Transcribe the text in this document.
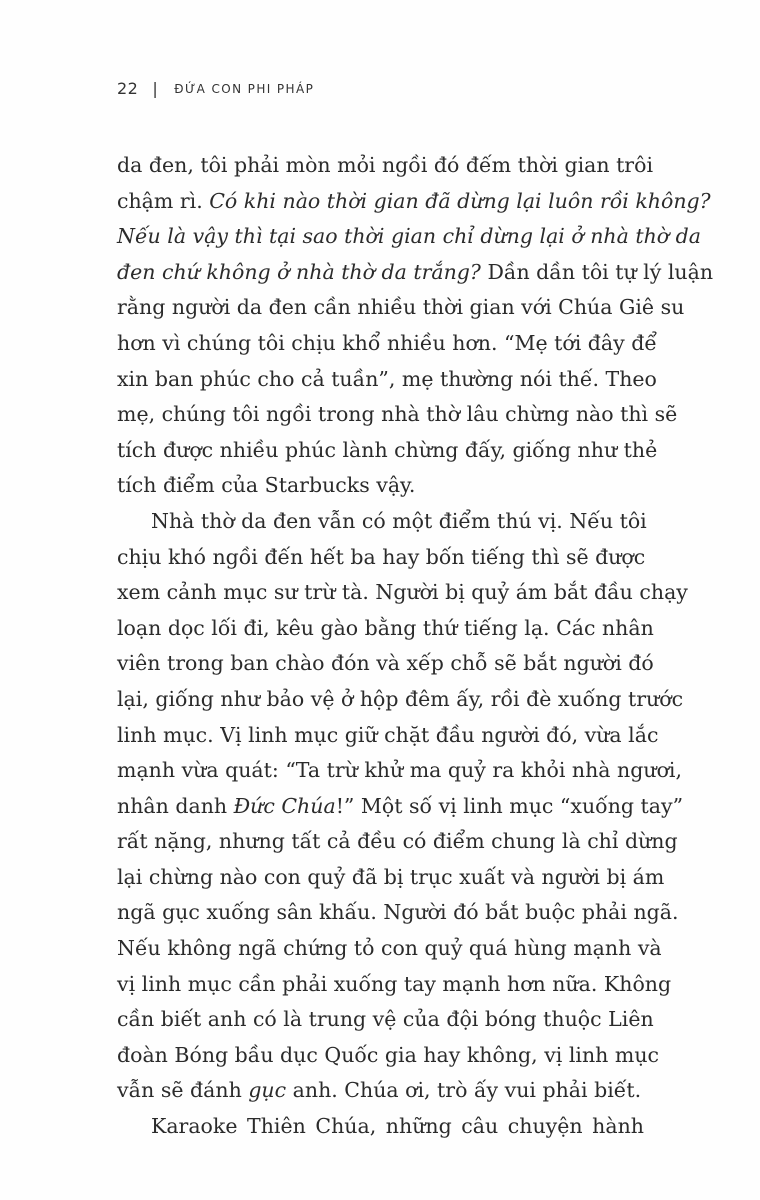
22 | ĐỨA CON PHI PHÁP
da đen, tôi phải mòn mỏi ngồi đó đếm thời gian trôi
chậm rì. Có khi nào thời gian đã dừng lại luôn rồi không?
Nếu là vậy thì tại sao thời gian chỉ dừng lại ở nhà thờ da
đen chứ không ở nhà thờ da trắng? Dần dần tôi tự lý luận
rằng người da đen cần nhiều thời gian với Chúa Giê su
hơn vì chúng tôi chịu khổ nhiều hơn. “Mẹ tới đây để
xin ban phúc cho cả tuần”, mẹ thường nói thế. Theo
mẹ, chúng tôi ngồi trong nhà thờ lâu chừng nào thì sẽ
tích được nhiều phúc lành chừng đấy, giống như thẻ
tích điểm của Starbucks vậy.
Nhà thờ da đen vẫn có một điểm thú vị. Nếu tôi
chịu khó ngồi đến hết ba hay bốn tiếng thì sẽ được
xem cảnh mục sư trừ tà. Người bị quỷ ám bắt đầu chạy
loạn dọc lối đi, kêu gào bằng thứ tiếng lạ. Các nhân
viên trong ban chào đón và xếp chỗ sẽ bắt người đó
lại, giống như bảo vệ ở hộp đêm ấy, rồi đè xuống trước
linh mục. Vị linh mục giữ chặt đầu người đó, vừa lắc
mạnh vừa quát: “Ta trừ khử ma quỷ ra khỏi nhà ngươi,
nhân danh Đức Chúa!” Một số vị linh mục “xuống tay”
rất nặng, nhưng tất cả đều có điểm chung là chỉ dừng
lại chừng nào con quỷ đã bị trục xuất và người bị ám
ngã gục xuống sân khấu. Người đó bắt buộc phải ngã.
Nếu không ngã chứng tỏ con quỷ quá hùng mạnh và
vị linh mục cần phải xuống tay mạnh hơn nữa. Không
cần biết anh có là trung vệ của đội bóng thuộc Liên
đoàn Bóng bầu dục Quốc gia hay không, vị linh mục
vẫn sẽ đánh gục anh. Chúa ơi, trò ấy vui phải biết.
Karaoke Thiên Chúa, những câu chuyện hành
